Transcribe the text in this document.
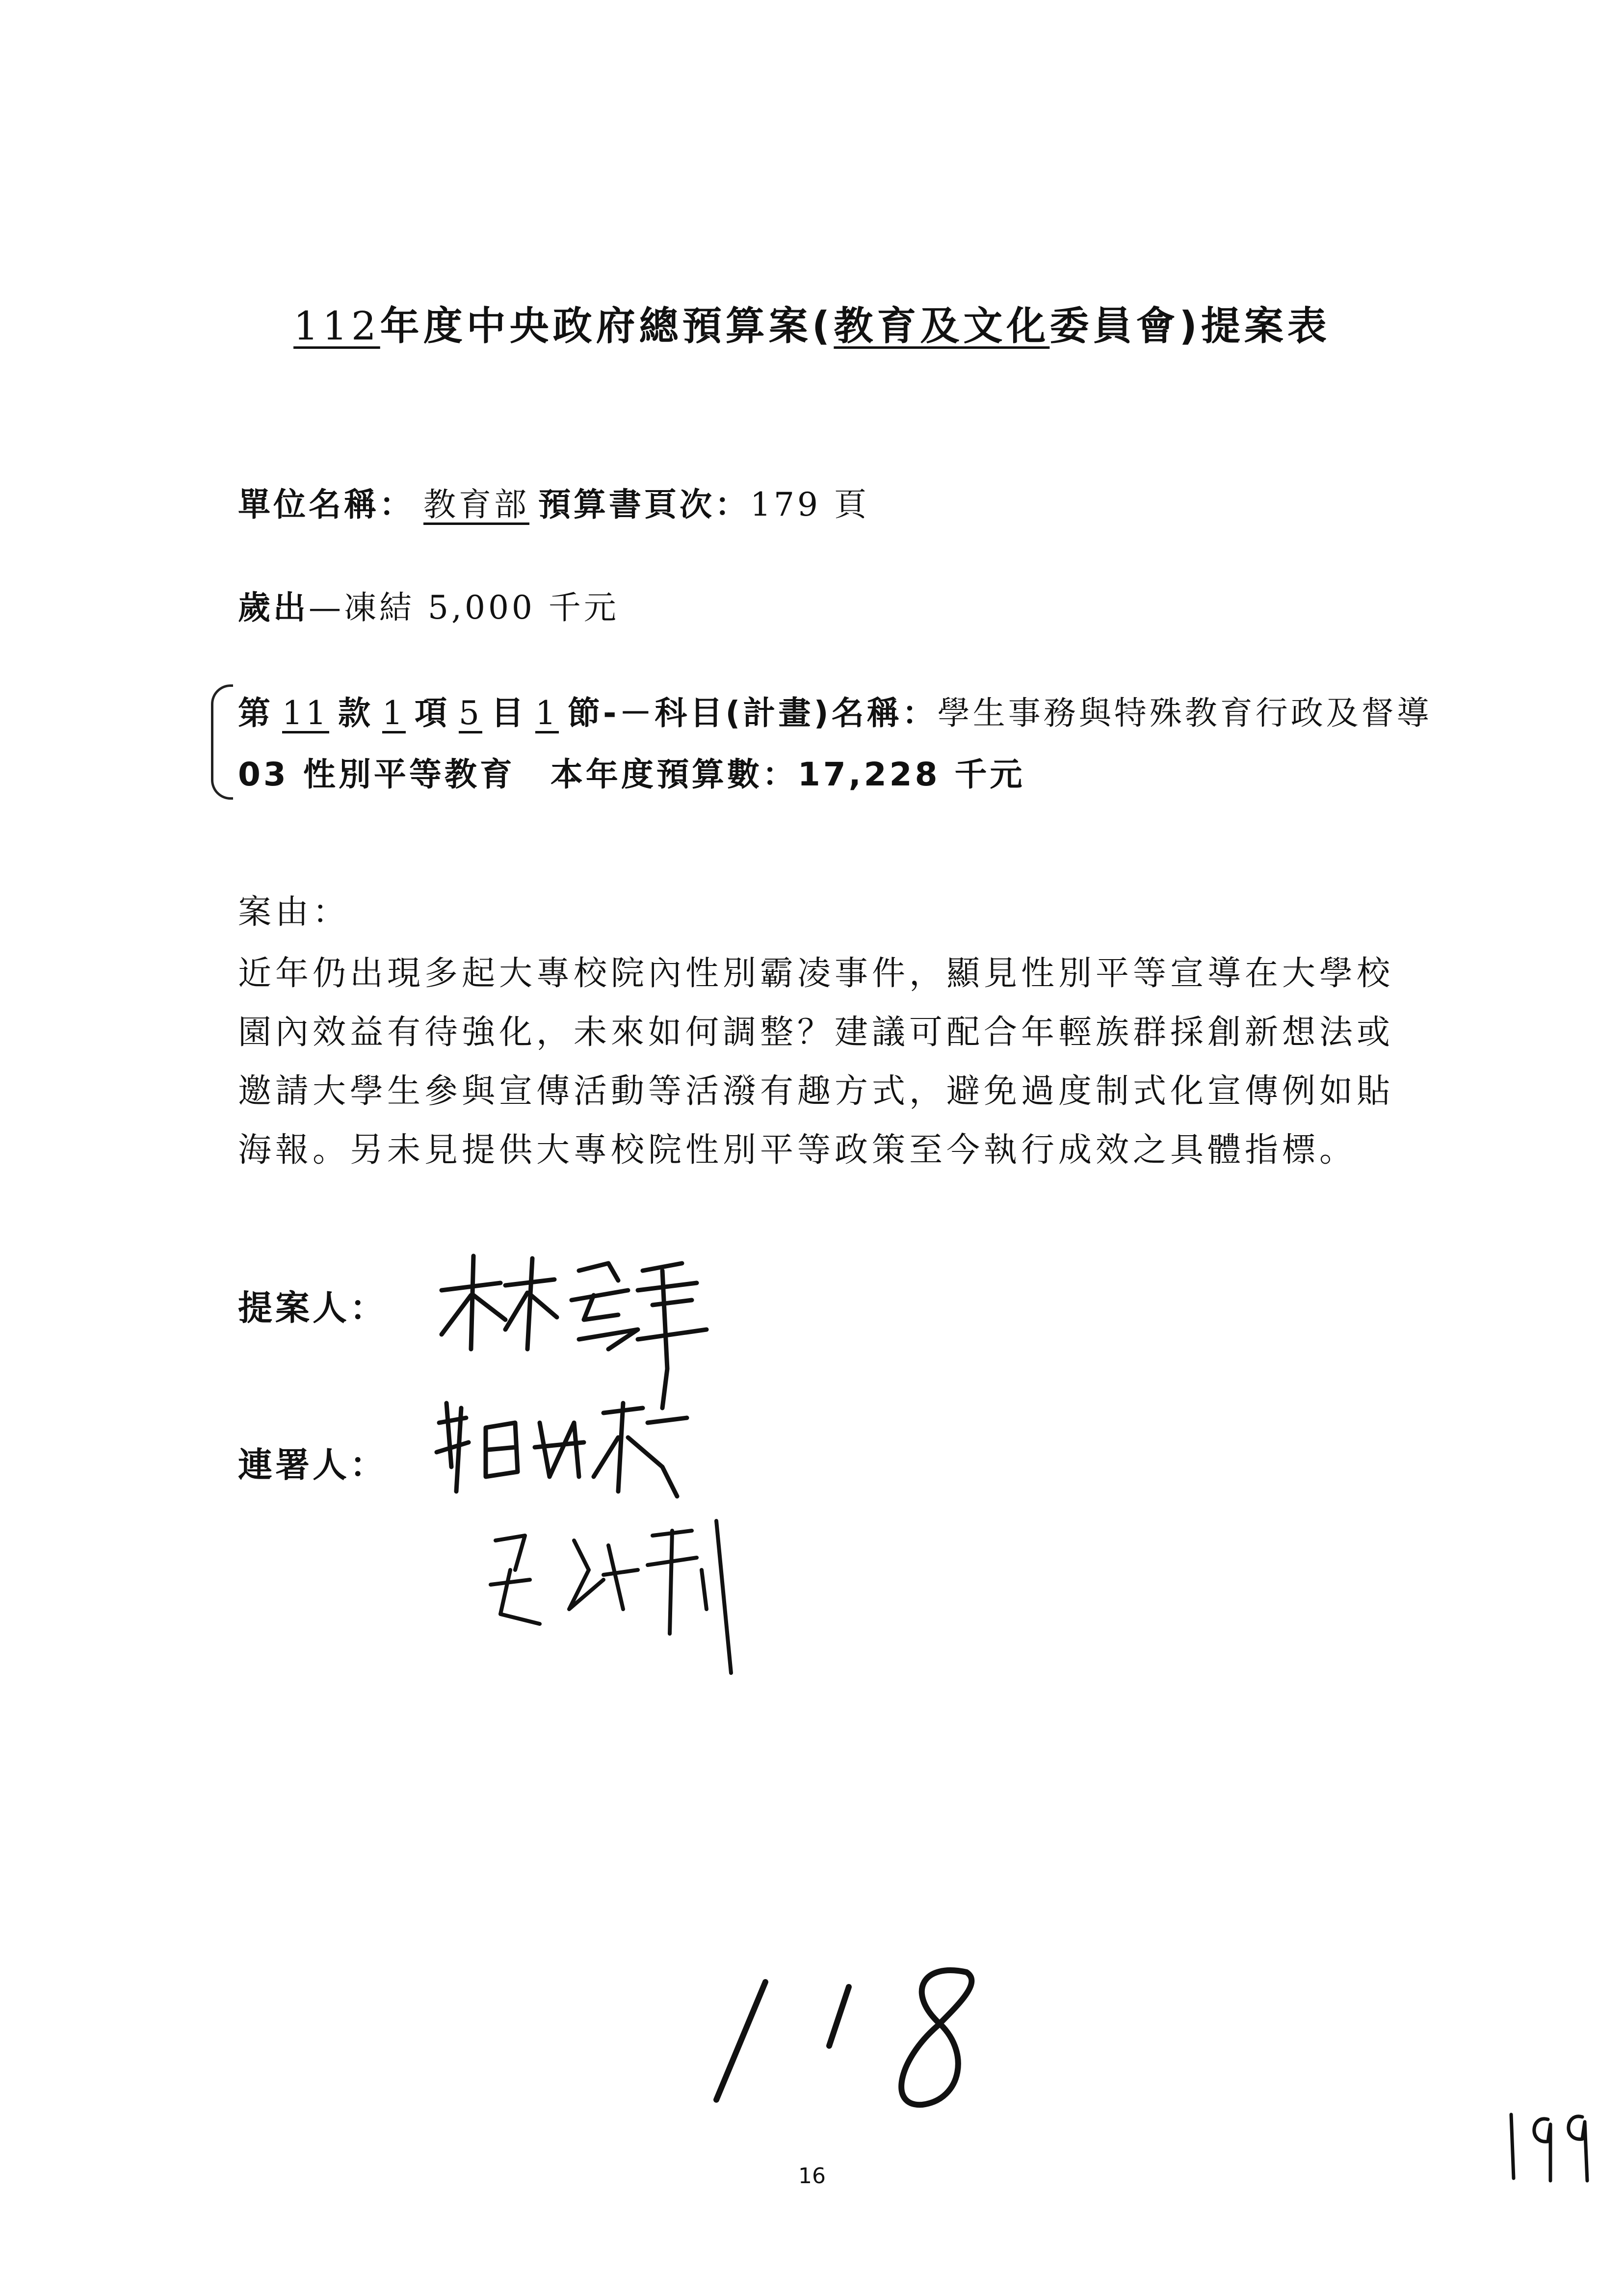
112年度中央政府總預算案(教育及文化委員會)提案表
單位名稱： 教育部 預算書頁次：179 頁
歲出—凍結 5,000 千元
第 11 款 1 項 5 目 1 節-－科目(計畫)名稱：學生事務與特殊教育行政及督導
03 性別平等教育　本年度預算數：17,228 千元
案由：

近年仍出現多起大專校院內性別霸凌事件，顯見性別平等宣導在大學校

園內效益有待強化，未來如何調整？建議可配合年輕族群採創新想法或

邀請大學生參與宣傳活動等活潑有趣方式，避免過度制式化宣傳例如貼

海報。另未見提供大專校院性別平等政策至今執行成效之具體指標。

提案人：
連署人：
118
16
199
